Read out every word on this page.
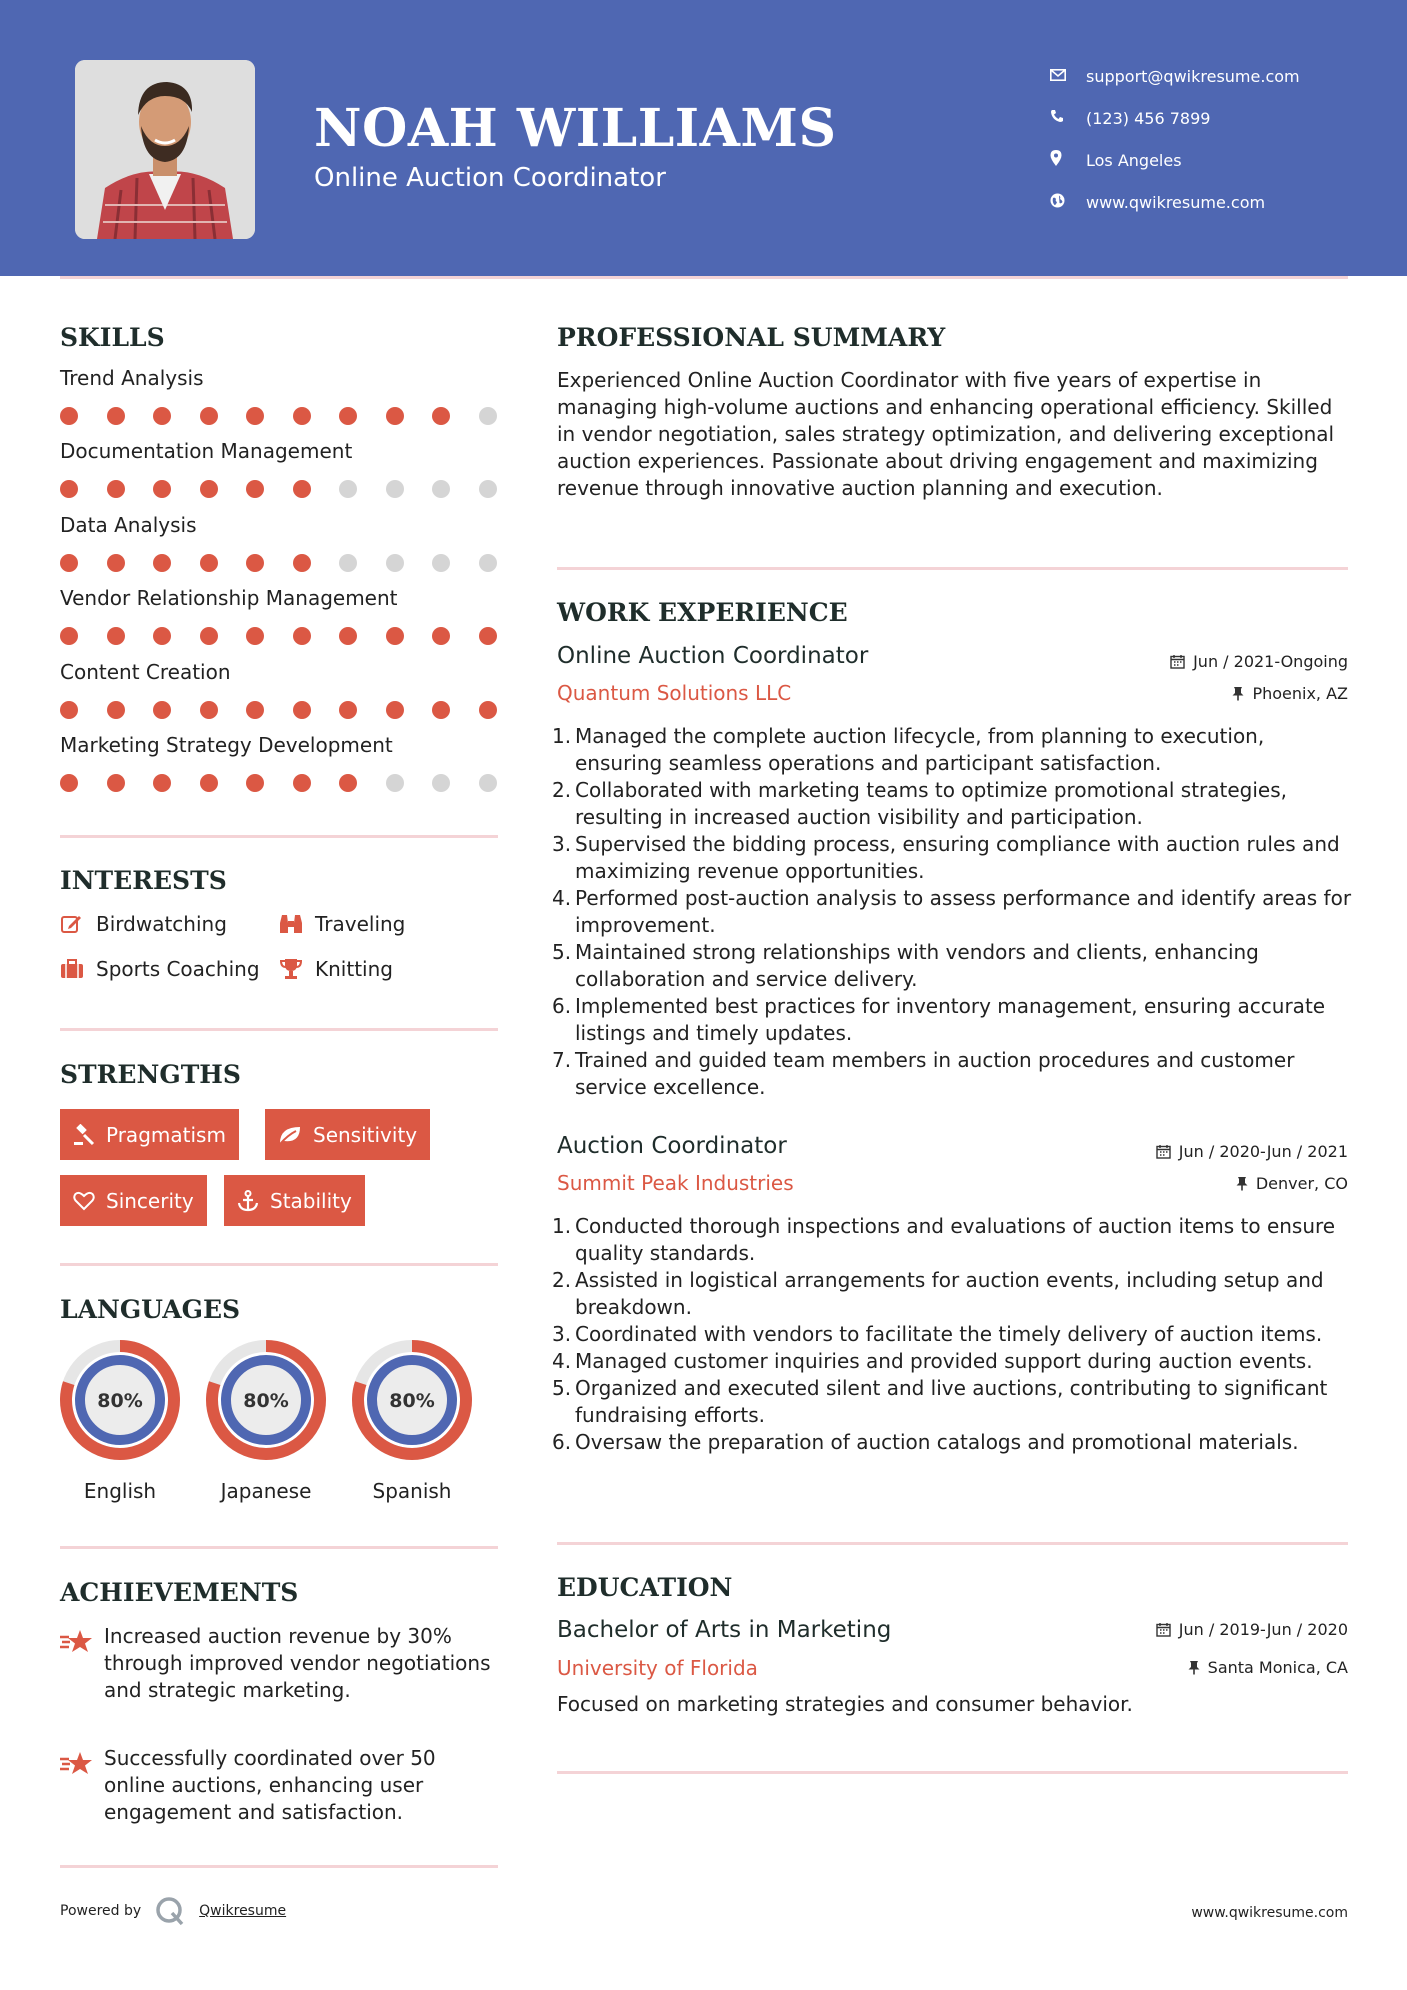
NOAH WILLIAMS
Online Auction Coordinator
support@qwikresume.com
(123) 456 7899
Los Angeles
www.qwikresume.com
SKILLS
Trend Analysis
Documentation Management
Data Analysis
Vendor Relationship Management
Content Creation
Marketing Strategy Development
INTERESTS
Birdwatching	Traveling
Sports Coaching	Knitting
STRENGTHS
Pragmatism	Sensitivity
Sincerity	Stability
LANGUAGES
80%
English
80%
Japanese
80%
Spanish
ACHIEVEMENTS
Increased auction revenue by 30% through improved vendor negotiations and strategic marketing.
Successfully coordinated over 50 online auctions, enhancing user engagement and satisfaction.
PROFESSIONAL SUMMARY
Experienced Online Auction Coordinator with five years of expertise in managing high-volume auctions and enhancing operational efficiency. Skilled in vendor negotiation, sales strategy optimization, and delivering exceptional auction experiences. Passionate about driving engagement and maximizing revenue through innovative auction planning and execution.
WORK EXPERIENCE
Online Auction Coordinator	Jun / 2021-Ongoing
Quantum Solutions LLC	Phoenix, AZ
1. Managed the complete auction lifecycle, from planning to execution, ensuring seamless operations and participant satisfaction.
2. Collaborated with marketing teams to optimize promotional strategies, resulting in increased auction visibility and participation.
3. Supervised the bidding process, ensuring compliance with auction rules and maximizing revenue opportunities.
4. Performed post-auction analysis to assess performance and identify areas for improvement.
5. Maintained strong relationships with vendors and clients, enhancing collaboration and service delivery.
6. Implemented best practices for inventory management, ensuring accurate listings and timely updates.
7. Trained and guided team members in auction procedures and customer service excellence.
Auction Coordinator	Jun / 2020-Jun / 2021
Summit Peak Industries	Denver, CO
1. Conducted thorough inspections and evaluations of auction items to ensure quality standards.
2. Assisted in logistical arrangements for auction events, including setup and breakdown.
3. Coordinated with vendors to facilitate the timely delivery of auction items.
4. Managed customer inquiries and provided support during auction events.
5. Organized and executed silent and live auctions, contributing to significant fundraising efforts.
6. Oversaw the preparation of auction catalogs and promotional materials.
EDUCATION
Bachelor of Arts in Marketing	Jun / 2019-Jun / 2020
University of Florida	Santa Monica, CA
Focused on marketing strategies and consumer behavior.
Powered by	Qwikresume	www.qwikresume.com
